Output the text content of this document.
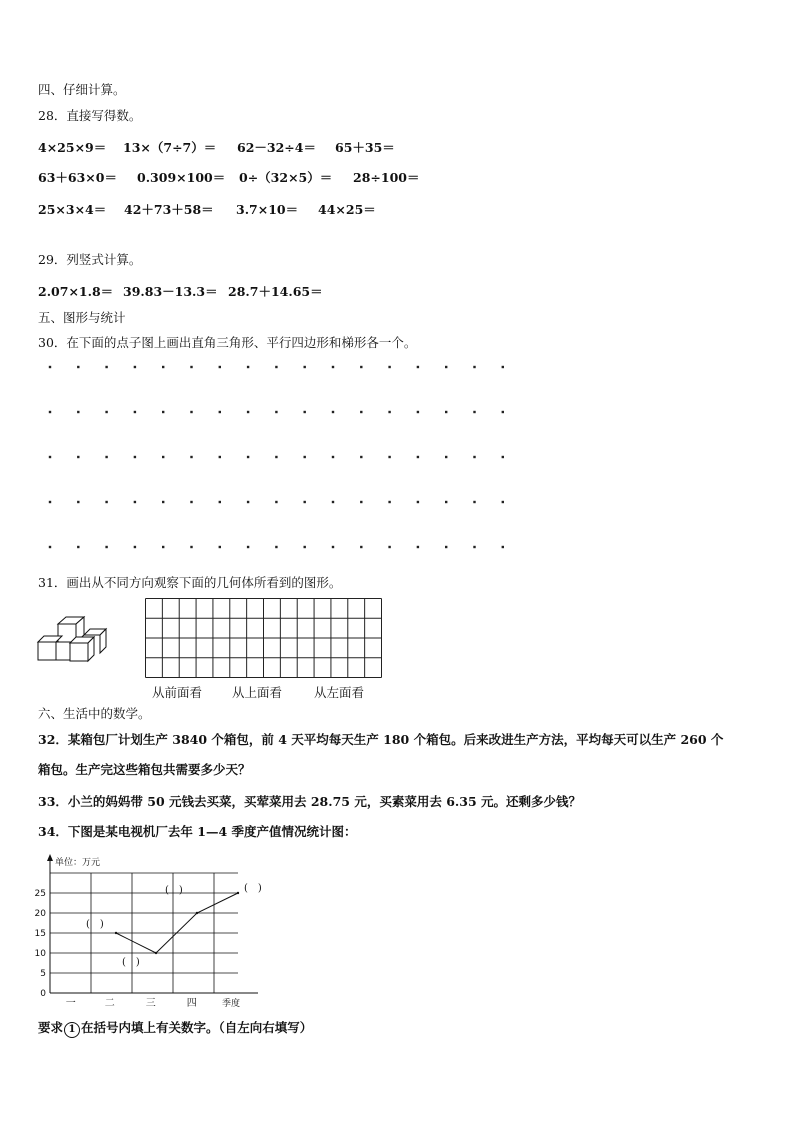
四、仔细计算。
28．直接写得数。
4×25×9＝ 13×（7÷7）＝ 62－32÷4＝ 65＋35＝
63＋63×0＝ 0.309×100＝ 0÷（32×5）＝ 28÷100＝
25×3×4＝ 42＋73＋58＝ 3.7×10＝ 44×25＝
29．列竖式计算。
2.07×1.8＝ 39.83－13.3＝ 28.7＋14.65＝
五、图形与统计
30．在下面的点子图上画出直角三角形、平行四边形和梯形各一个。
31．画出从不同方向观察下面的几何体所看到的图形。
从前面看 从上面看	从左面看
六、生活中的数学。
32．某箱包厂计划生产 3840 个箱包，前 4 天平均每天生产 180 个箱包。后来改进生产方法，平均每天可以生产 260 个
箱包。生产完这些箱包共需要多少天？
33．小兰的妈妈带 50 元钱去买菜，买荤菜用去 28.75 元，买素菜用去 6.35 元。还剩多少钱？
34．下图是某电视机厂去年 1—4 季度产值情况统计图：
单位：万元
0
5
10
15
20
25
一	二	三	四	季度
(　)
(　)
(　)	(　)
要求 1 在括号内填上有关数字。（自左向右填写）
